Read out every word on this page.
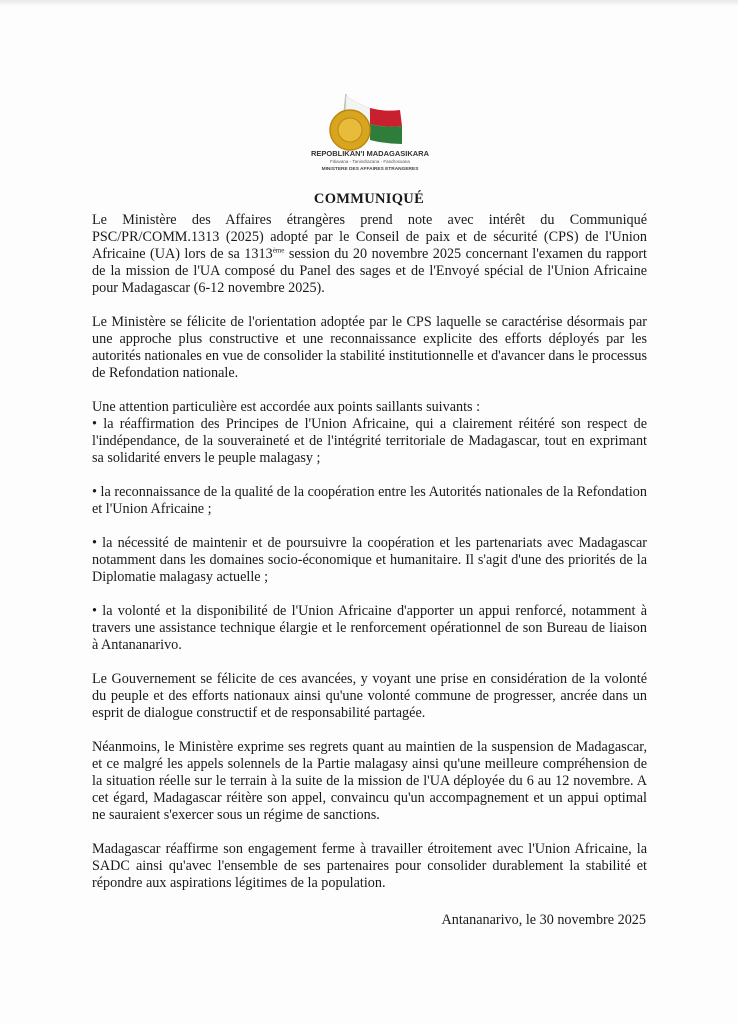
REPOBLIKAN'I MADAGASIKARA
Fitiavana - Tanindrazana - Fandrosoana
MINISTERE DES AFFAIRES ETRANGERES
COMMUNIQUÉ

Le Ministère des Affaires étrangères prend note avec intérêt du Communiqué PSC/PR/COMM.1313 (2025) adopté par le Conseil de paix et de sécurité (CPS) de l'Union Africaine (UA) lors de sa 1313ème session du 20 novembre 2025 concernant l'examen du rapport de la mission de l'UA composé du Panel des sages et de l'Envoyé spécial de l'Union Africaine pour Madagascar (6-12 novembre 2025).

Le Ministère se félicite de l'orientation adoptée par le CPS laquelle se caractérise désormais par une approche plus constructive et une reconnaissance explicite des efforts déployés par les autorités nationales en vue de consolider la stabilité institutionnelle et d'avancer dans le processus de Refondation nationale.

Une attention particulière est accordée aux points saillants suivants :

• la réaffirmation des Principes de l'Union Africaine, qui a clairement réitéré son respect de l'indépendance, de la souveraineté et de l'intégrité territoriale de Madagascar, tout en exprimant sa solidarité envers le peuple malagasy ;

• la reconnaissance de la qualité de la coopération entre les Autorités nationales de la Refondation et l'Union Africaine ;

• la nécessité de maintenir et de poursuivre la coopération et les partenariats avec Madagascar notamment dans les domaines socio-économique et humanitaire. Il s'agit d'une des priorités de la Diplomatie malagasy actuelle ;

• la volonté et la disponibilité de l'Union Africaine d'apporter un appui renforcé, notamment à travers une assistance technique élargie et le renforcement opérationnel de son Bureau de liaison à Antananarivo.

Le Gouvernement se félicite de ces avancées, y voyant une prise en considération de la volonté du peuple et des efforts nationaux ainsi qu'une volonté commune de progresser, ancrée dans un esprit de dialogue constructif et de responsabilité partagée.

Néanmoins, le Ministère exprime ses regrets quant au maintien de la suspension de Madagascar, et ce malgré les appels solennels de la Partie malagasy ainsi qu'une meilleure compréhension de la situation réelle sur le terrain à la suite de la mission de l'UA déployée du 6 au 12 novembre. A cet égard, Madagascar réitère son appel, convaincu qu'un accompagnement et un appui optimal ne sauraient s'exercer sous un régime de sanctions.

Madagascar réaffirme son engagement ferme à travailler étroitement avec l'Union Africaine, la SADC ainsi qu'avec l'ensemble de ses partenaires pour consolider durablement la stabilité et répondre aux aspirations légitimes de la population.

Antananarivo, le 30 novembre 2025
